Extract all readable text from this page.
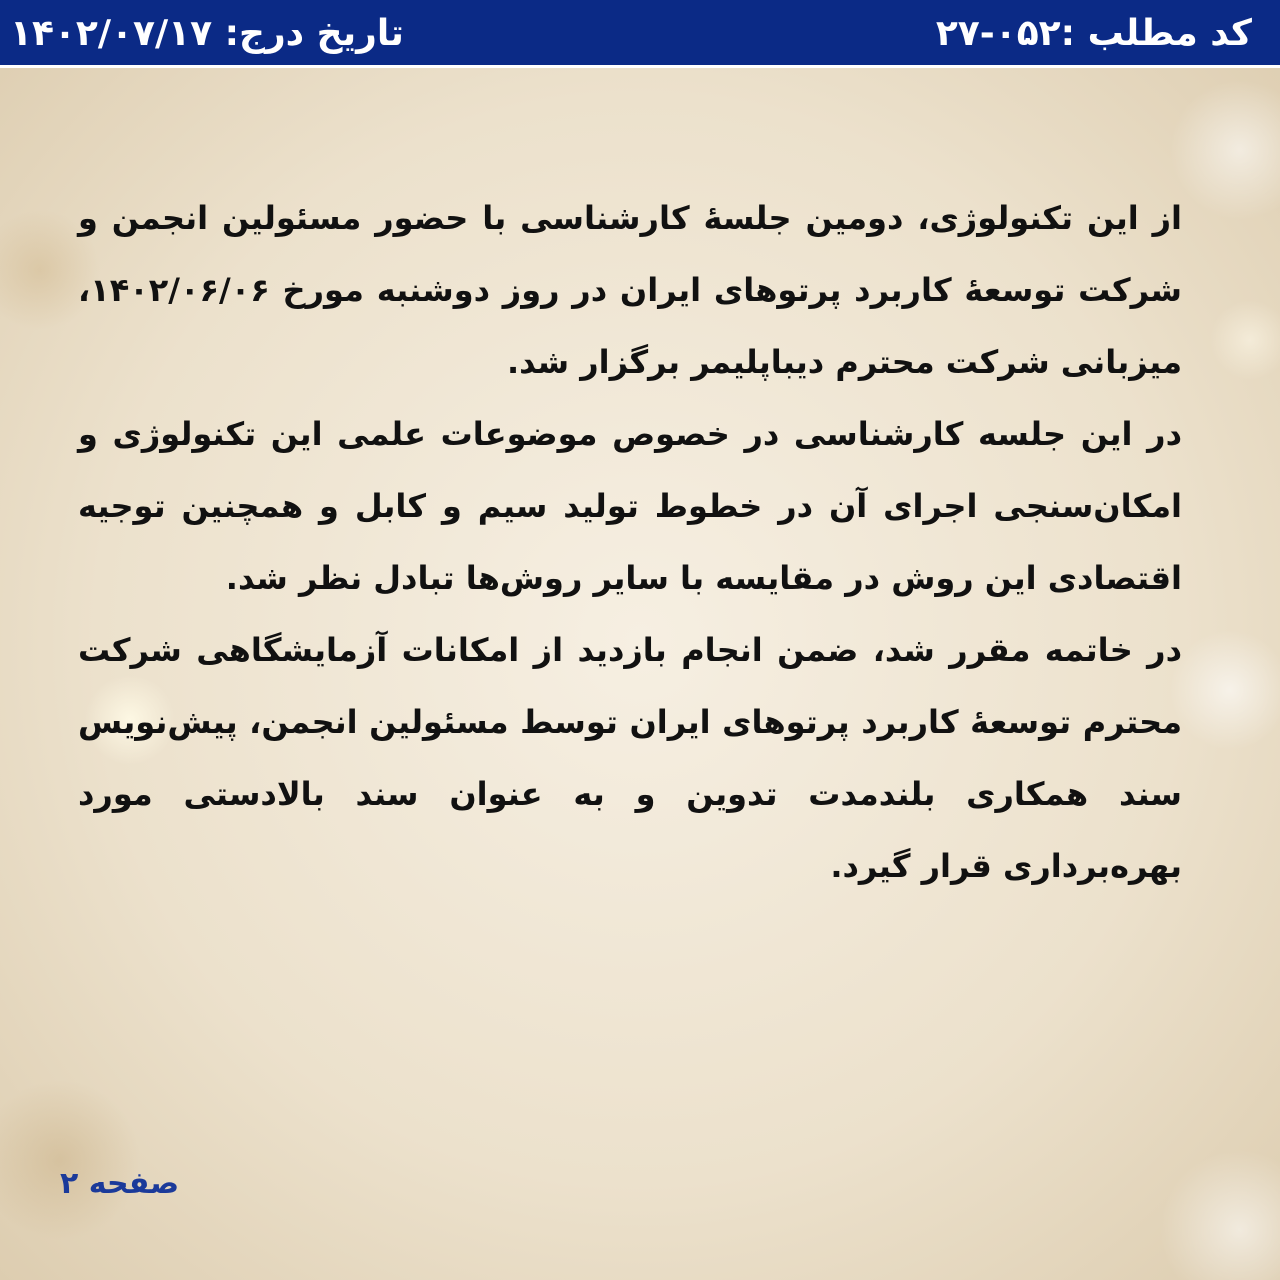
کد مطلب :۰۵۲-۲۷
تاریخ درج: ۱۴۰۲/۰۷/۱۷

از این تکنولوژی، دومین جلسهٔ کارشناسی با حضور مسئولین انجمن و شرکت توسعهٔ کاربرد پرتوهای ایران در روز دوشنبه مورخ ۱۴۰۲/۰۶/۰۶، میزبانی شرکت محترم دیباپلیمر برگزار شد.

در این جلسه کارشناسی در خصوص موضوعات علمی این تکنولوژی و امکان‌سنجی اجرای آن در خطوط تولید سیم و کابل و همچنین توجیه اقتصادی این روش در مقایسه با سایر روش‌ها تبادل نظر شد.

در خاتمه مقرر شد، ضمن انجام بازدید از امکانات آزمایشگاهی شرکت محترم توسعهٔ کاربرد پرتوهای ایران توسط مسئولین انجمن، پیش‌نویس سند همکاری بلندمدت تدوین و به عنوان سند بالادستی مورد بهره‌برداری قرار گیرد.

صفحه ۲
